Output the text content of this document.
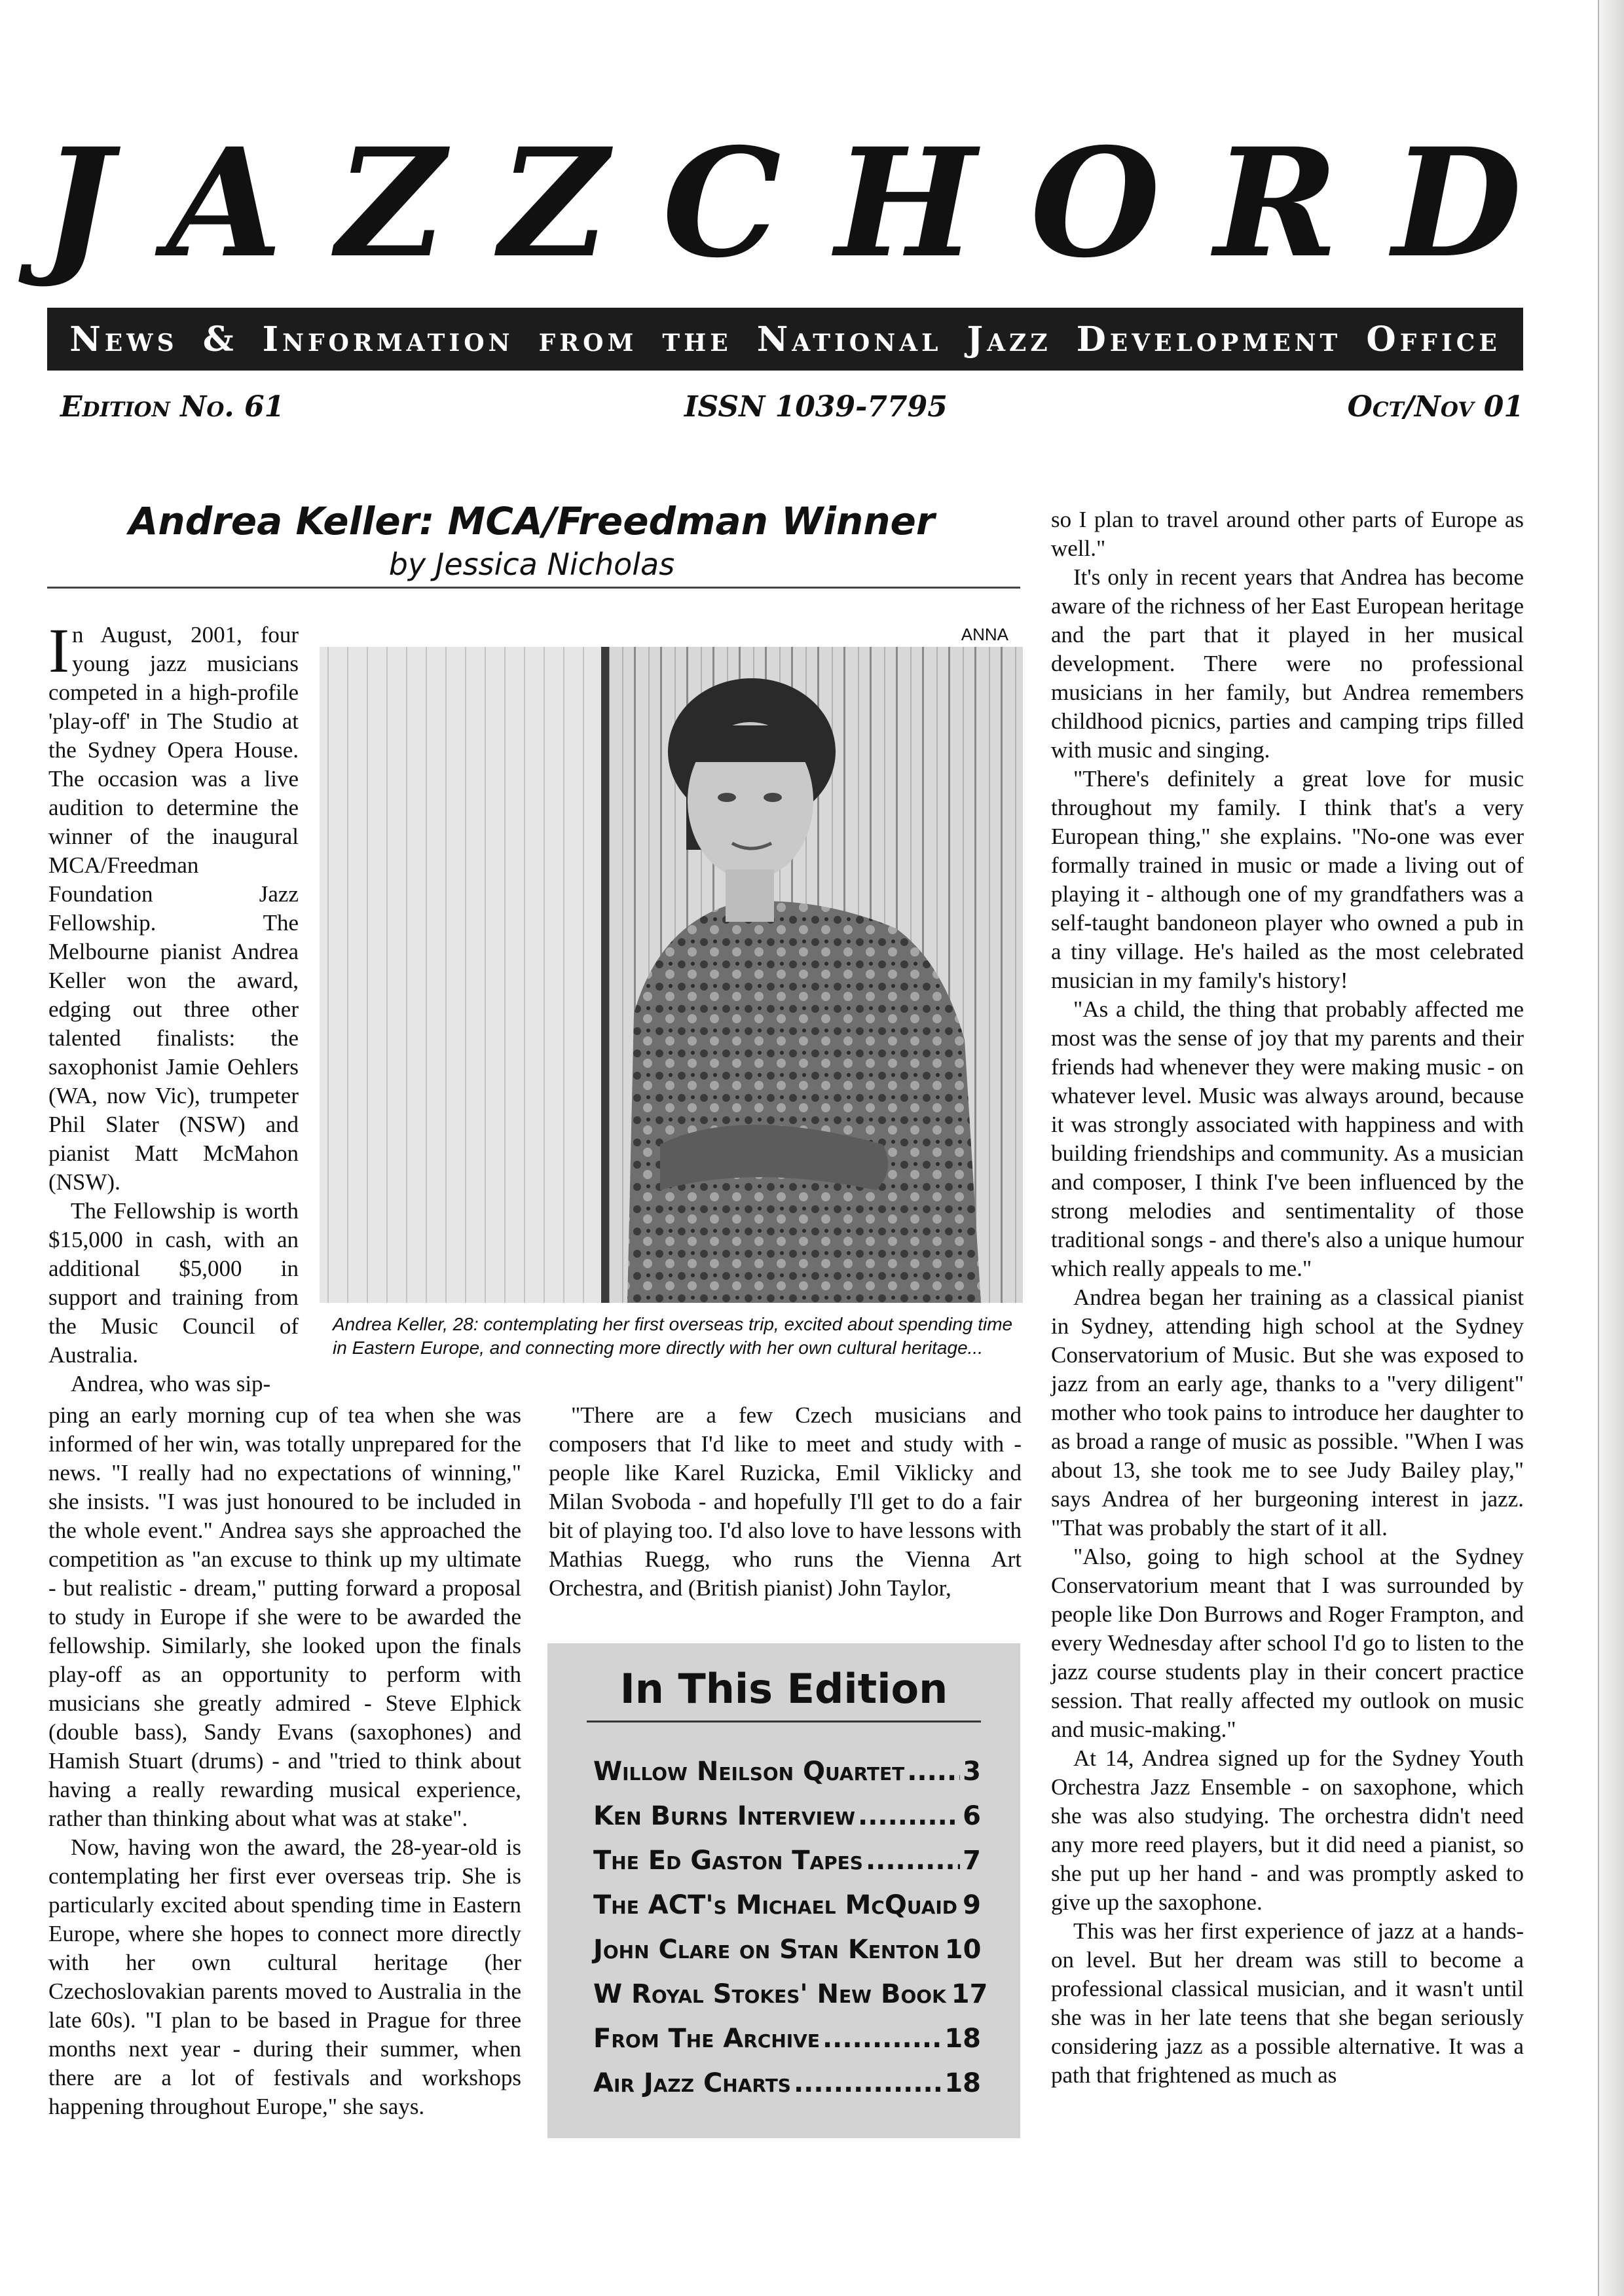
J A Z Z C H O R D
News & Information from the National Jazz Development Office
Edition No. 61	ISSN 1039-7795	Oct/Nov 01
Andrea Keller: MCA/Freedman Winner
by Jessica Nicholas
ANNA
Andrea Keller, 28: contemplating her first overseas trip, excited about spending time in Eastern Europe, and connecting more directly with her own cultural heritage...

In August, 2001, four young jazz musicians competed in a high-profile 'play-off' in The Studio at the Sydney Opera House. The occasion was a live audition to determine the winner of the inaugural MCA/Freedman Foundation Jazz Fellowship. The Melbourne pianist Andrea Keller won the award, edging out three other talented finalists: the saxophonist Jamie Oehlers (WA, now Vic), trumpeter Phil Slater (NSW) and pianist Matt McMahon (NSW).

The Fellowship is worth $15,000 in cash, with an additional $5,000 in support and training from the Music Council of Australia.

Andrea, who was sip-

ping an early morning cup of tea when she was informed of her win, was totally unprepared for the news. "I really had no expectations of winning," she insists. "I was just honoured to be included in the whole event." Andrea says she approached the competition as "an excuse to think up my ultimate - but realistic - dream," putting forward a proposal to study in Europe if she were to be awarded the fellowship. Similarly, she looked upon the finals play-off as an opportunity to perform with musicians she greatly admired - Steve Elphick (double bass), Sandy Evans (saxophones) and Hamish Stuart (drums) - and "tried to think about having a really rewarding musical experience, rather than thinking about what was at stake".

Now, having won the award, the 28-year-old is contemplating her first ever overseas trip. She is particularly excited about spending time in Eastern Europe, where she hopes to connect more directly with her own cultural heritage (her Czechoslovakian parents moved to Australia in the late 60s). "I plan to be based in Prague for three months next year - during their summer, when there are a lot of festivals and workshops happening throughout Europe," she says.

"There are a few Czech musicians and composers that I'd like to meet and study with - people like Karel Ruzicka, Emil Viklicky and Milan Svoboda - and hopefully I'll get to do a fair bit of playing too. I'd also love to have lessons with Mathias Ruegg, who runs the Vienna Art Orchestra, and (British pianist) John Taylor,

In This Edition
Willow Neilson Quartet ..... 3
Ken Burns Interview .....	6
The Ed Gaston Tapes .....	7
The ACT's Michael McQuaid ..... 9
John Clare on Stan Kenton 10
W Royal Stokes' New Book 17
From The Archive .....	18
Air Jazz Charts .....	18

so I plan to travel around other parts of Europe as well."

It's only in recent years that Andrea has become aware of the richness of her East European heritage and the part that it played in her musical development. There were no professional musicians in her family, but Andrea remembers childhood picnics, parties and camping trips filled with music and singing.

"There's definitely a great love for music throughout my family. I think that's a very European thing," she explains. "No-one was ever formally trained in music or made a living out of playing it - although one of my grandfathers was a self-taught bandoneon player who owned a pub in a tiny village. He's hailed as the most celebrated musician in my family's history!

"As a child, the thing that probably affected me most was the sense of joy that my parents and their friends had whenever they were making music - on whatever level. Music was always around, because it was strongly associated with happiness and with building friendships and community. As a musician and composer, I think I've been influenced by the strong melodies and sentimentality of those traditional songs - and there's also a unique humour which really appeals to me."

Andrea began her training as a classical pianist in Sydney, attending high school at the Sydney Conservatorium of Music. But she was exposed to jazz from an early age, thanks to a "very diligent" mother who took pains to introduce her daughter to as broad a range of music as possible. "When I was about 13, she took me to see Judy Bailey play," says Andrea of her burgeoning interest in jazz. "That was probably the start of it all.

"Also, going to high school at the Sydney Conservatorium meant that I was surrounded by people like Don Burrows and Roger Frampton, and every Wednesday after school I'd go to listen to the jazz course students play in their concert practice session. That really affected my outlook on music and music-making."

At 14, Andrea signed up for the Sydney Youth Orchestra Jazz Ensemble - on saxophone, which she was also studying. The orchestra didn't need any more reed players, but it did need a pianist, so she put up her hand - and was promptly asked to give up the saxophone.

This was her first experience of jazz at a hands-on level. But her dream was still to become a professional classical musician, and it wasn't until she was in her late teens that she began seriously considering jazz as a possible alternative. It was a path that frightened as much as
